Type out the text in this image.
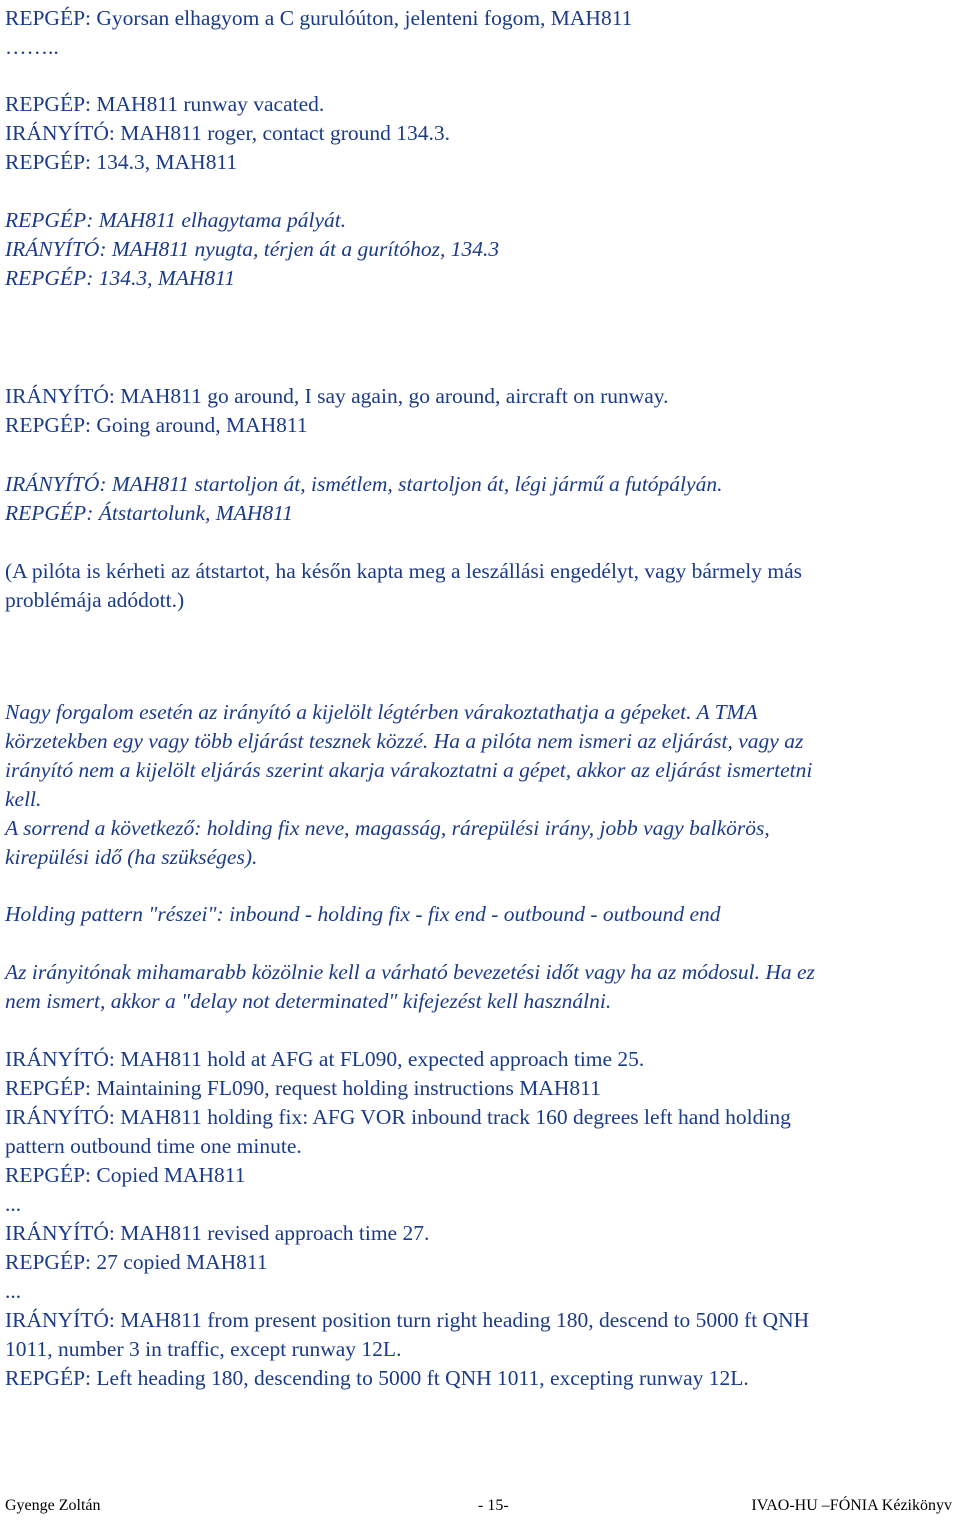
REPGÉP: Gyorsan elhagyom a C gurulóúton, jelenteni fogom, MAH811
……..
REPGÉP: MAH811 runway vacated.
IRÁNYÍTÓ: MAH811 roger, contact ground 134.3.
REPGÉP: 134.3, MAH811
REPGÉP: MAH811 elhagytama pályát.
IRÁNYÍTÓ: MAH811 nyugta, térjen át a gurítóhoz, 134.3
REPGÉP: 134.3, MAH811
IRÁNYÍTÓ: MAH811 go around, I say again, go around, aircraft on runway.
REPGÉP: Going around, MAH811
IRÁNYÍTÓ: MAH811 startoljon át, ismétlem, startoljon át, légi jármű a futópályán.
REPGÉP: Átstartolunk, MAH811
(A pilóta is kérheti az átstartot, ha későn kapta meg a leszállási engedélyt, vagy bármely más
problémája adódott.)
Nagy forgalom esetén az irányító a kijelölt légtérben várakoztathatja a gépeket. A TMA
körzetekben egy vagy több eljárást tesznek közzé. Ha a pilóta nem ismeri az eljárást, vagy az
irányító nem a kijelölt eljárás szerint akarja várakoztatni a gépet, akkor az eljárást ismertetni
kell.
A sorrend a következő: holding fix neve, magasság, rárepülési irány, jobb vagy balkörös,
kirepülési idő (ha szükséges).
Holding pattern "részei": inbound - holding fix - fix end - outbound - outbound end
Az irányitónak mihamarabb közölnie kell a várható bevezetési időt vagy ha az módosul. Ha ez
nem ismert, akkor a "delay not determinated" kifejezést kell használni.
IRÁNYÍTÓ: MAH811 hold at AFG at FL090, expected approach time 25.
REPGÉP: Maintaining FL090, request holding instructions MAH811
IRÁNYÍTÓ: MAH811 holding fix: AFG VOR inbound track 160 degrees left hand holding
pattern outbound time one minute.
REPGÉP: Copied MAH811
...
IRÁNYÍTÓ: MAH811 revised approach time 27.
REPGÉP: 27 copied MAH811
...
IRÁNYÍTÓ: MAH811 from present position turn right heading 180, descend to 5000 ft QNH
1011, number 3 in traffic, except runway 12L.
REPGÉP: Left heading 180, descending to 5000 ft QNH 1011, excepting runway 12L.
Gyenge Zoltán	- 15-	IVAO-HU –FÓNIA Kézikönyv
